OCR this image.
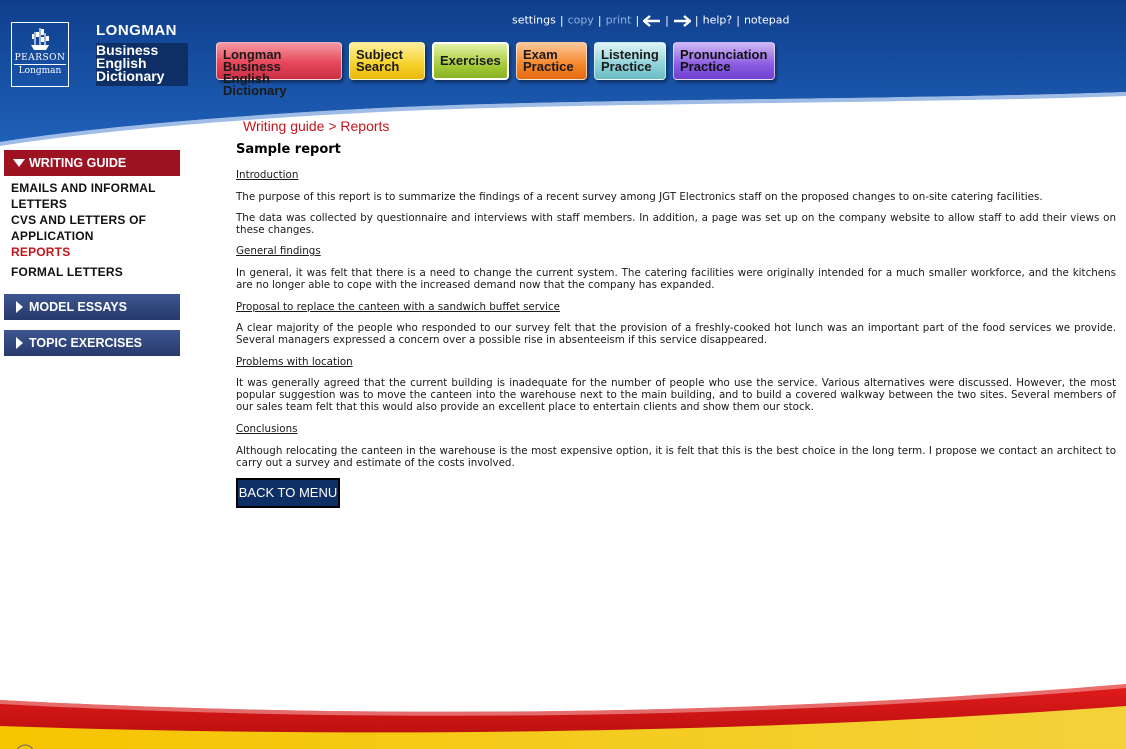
PEARSON
Longman
LONGMAN
Business
English
Dictionary
settings | copy | print | | | help? | notepad
Longman Business
English Dictionary
Subject
Search	Exercises Exam
Practice
Listening
Practice
Pronunciation
Practice
WRITING GUIDE
EMAILS AND INFORMAL
LETTERS
CVS AND LETTERS OF
APPLICATION
REPORTS
FORMAL LETTERS
MODEL ESSAYS
TOPIC EXERCISES
Writing guide > Reports
Sample report
Introduction
The purpose of this report is to summarize the findings of a recent survey among JGT Electronics staff on the proposed changes to on-site catering facilities.
The data was collected by questionnaire and interviews with staff members. In addition, a page was set up on the company website to allow staff to add their views on these changes.
General findings
In general, it was felt that there is a need to change the current system. The catering facilities were originally intended for a much smaller workforce, and the kitchens are no longer able to cope with the increased demand now that the company has expanded.
Proposal to replace the canteen with a sandwich buffet service
A clear majority of the people who responded to our survey felt that the provision of a freshly-cooked hot lunch was an important part of the food services we provide. Several managers expressed a concern over a possible rise in absenteeism if this service disappeared.
Problems with location
It was generally agreed that the current building is inadequate for the number of people who use the service. Various alternatives were discussed. However, the most popular suggestion was to move the canteen into the warehouse next to the main building, and to build a covered walkway between the two sites. Several members of our sales team felt that this would also provide an excellent place to entertain clients and show them our stock.
Conclusions
Although relocating the canteen in the warehouse is the most expensive option, it is felt that this is the best choice in the long term. I propose we contact an architect to carry out a survey and estimate of the costs involved.
BACK TO MENU
